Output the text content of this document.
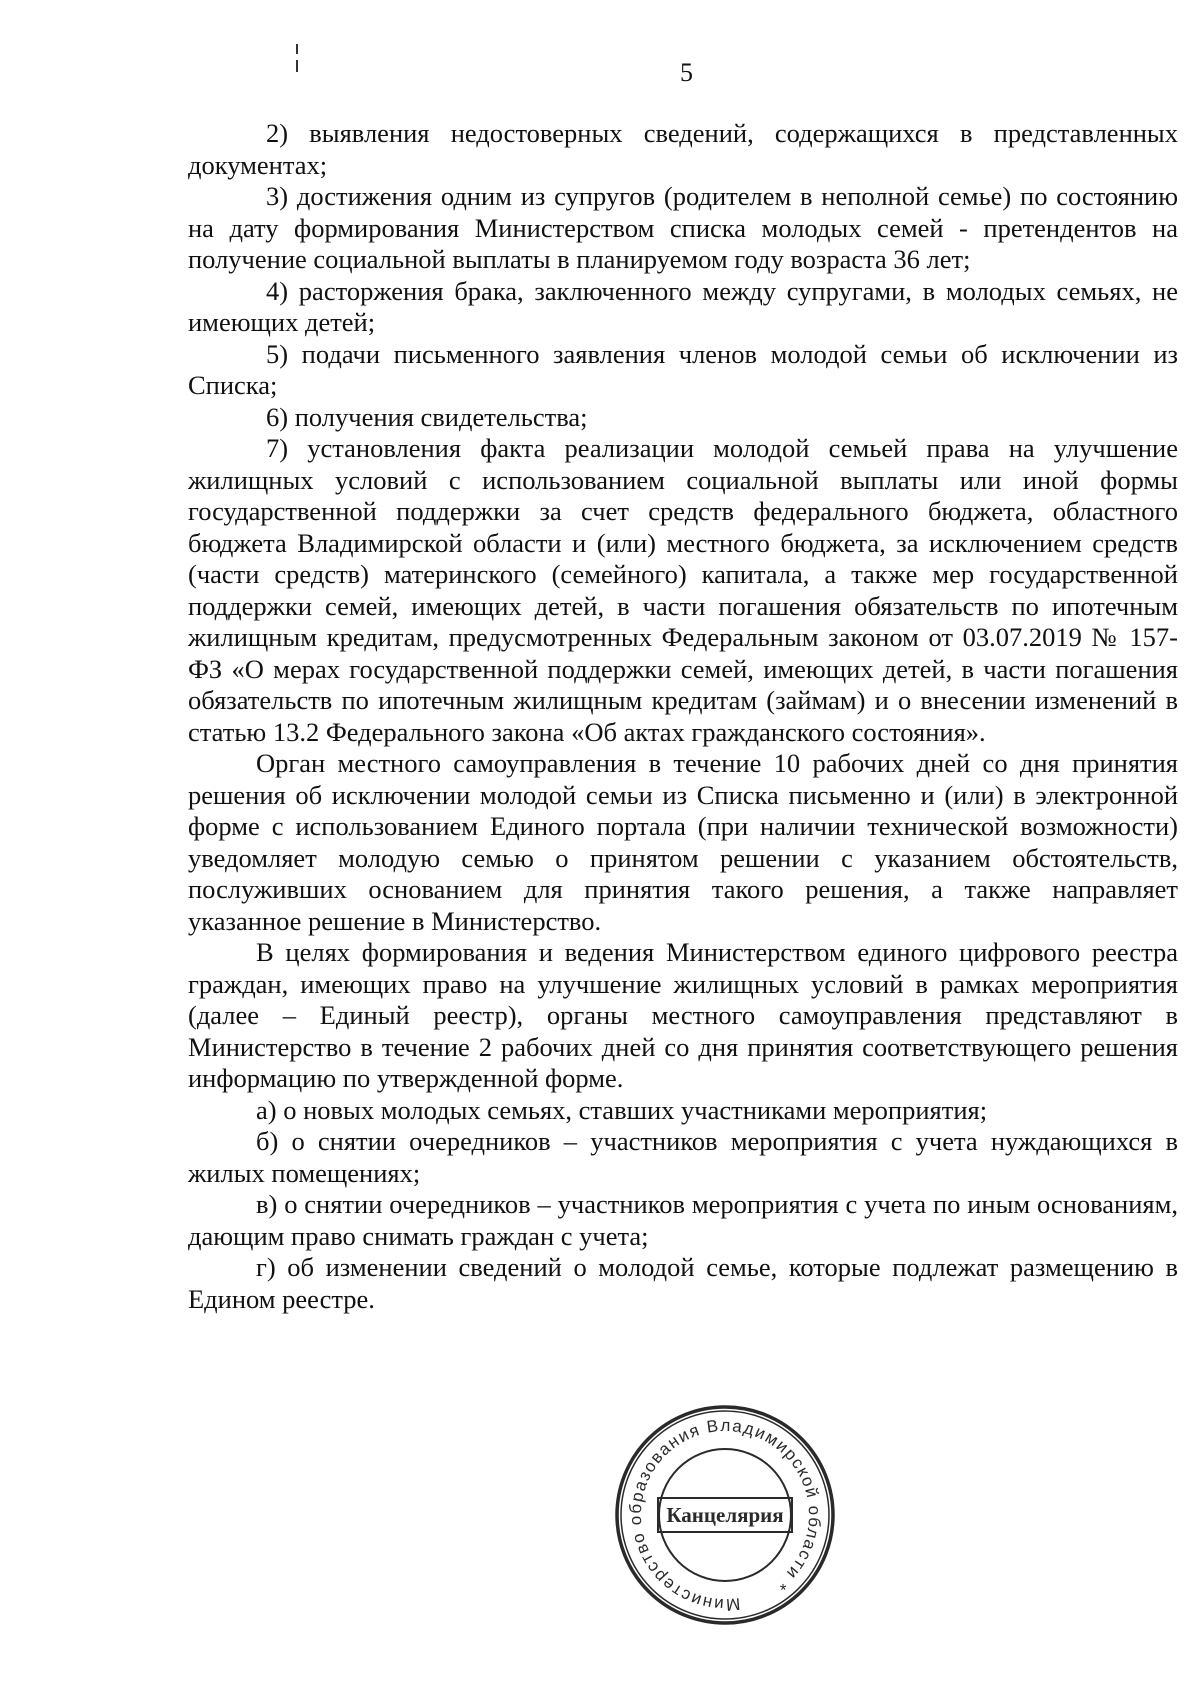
5

2) выявления недостоверных сведений, содержащихся в представленных документах;

3) достижения одним из супругов (родителем в неполной семье) по состоянию на дату формирования Министерством списка молодых семей - претендентов на получение социальной выплаты в планируемом году возраста 36 лет;

4) расторжения брака, заключенного между супругами, в молодых семьях, не имеющих детей;

5) подачи письменного заявления членов молодой семьи об исключении из Списка;

6) получения свидетельства;

7) установления факта реализации молодой семьей права на улучшение жилищных условий с использованием социальной выплаты или иной формы государственной поддержки за счет средств федерального бюджета, областного бюджета Владимирской области и (или) местного бюджета, за исключением средств (части средств) материнского (семейного) капитала, а также мер государственной поддержки семей, имеющих детей, в части погашения обязательств по ипотечным жилищным кредитам, предусмотренных Федеральным законом от 03.07.2019 № 157-ФЗ «О мерах государственной поддержки семей, имеющих детей, в части погашения обязательств по ипотечным жилищным кредитам (займам) и о внесении изменений в статью 13.2 Федерального закона «Об актах гражданского состояния».

Орган местного самоуправления в течение 10 рабочих дней со дня принятия решения об исключении молодой семьи из Списка письменно и (или) в электронной форме с использованием Единого портала (при наличии технической возможности) уведомляет молодую семью о принятом решении с указанием обстоятельств, послуживших основанием для принятия такого решения, а также направляет указанное решение в Министерство.

В целях формирования и ведения Министерством единого цифрового реестра граждан, имеющих право на улучшение жилищных условий в рамках мероприятия (далее – Единый реестр), органы местного самоуправления представляют в Министерство в течение 2 рабочих дней со дня принятия соответствующего решения информацию по утвержденной форме.

а) о новых молодых семьях, ставших участниками мероприятия;

б) о снятии очередников – участников мероприятия с учета нуждающихся в жилых помещениях;

в) о снятии очередников – участников мероприятия с учета по иным основаниям, дающим право снимать граждан с учета;

г) об изменении сведений о молодой семье, которые подлежат размещению в Едином реестре.

Министерство образования Владимирской области *
Канцелярия
